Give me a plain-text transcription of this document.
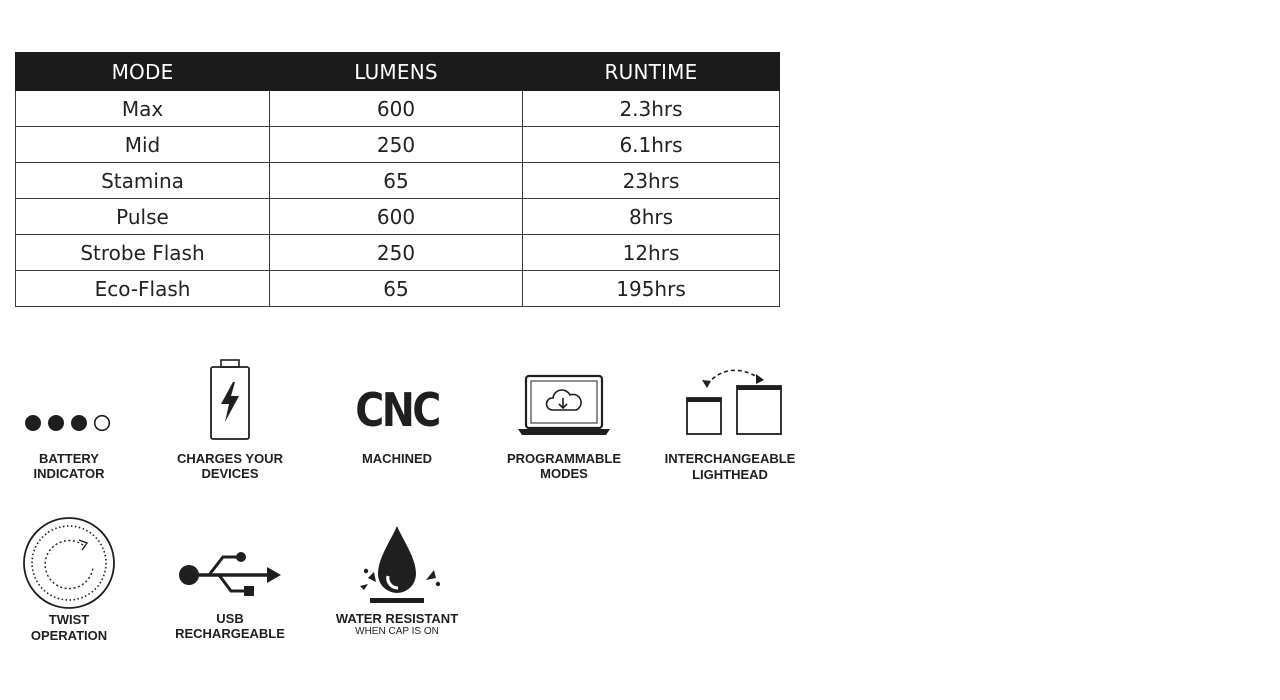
MODE	LUMENS	RUNTIME
Max	600	2.3hrs
Mid	250	6.1hrs
Stamina	65	23hrs
Pulse	600	8hrs
Strobe Flash	250	12hrs
Eco-Flash	65	195hrs
BATTERY
INDICATOR
CHARGES YOUR
DEVICES
CNC
MACHINED	PROGRAMMABLE
MODES
INTERCHANGEABLE
LIGHTHEAD
TWIST
OPERATION
USB
RECHARGEABLE
WATER RESISTANT
WHEN CAP IS ON
